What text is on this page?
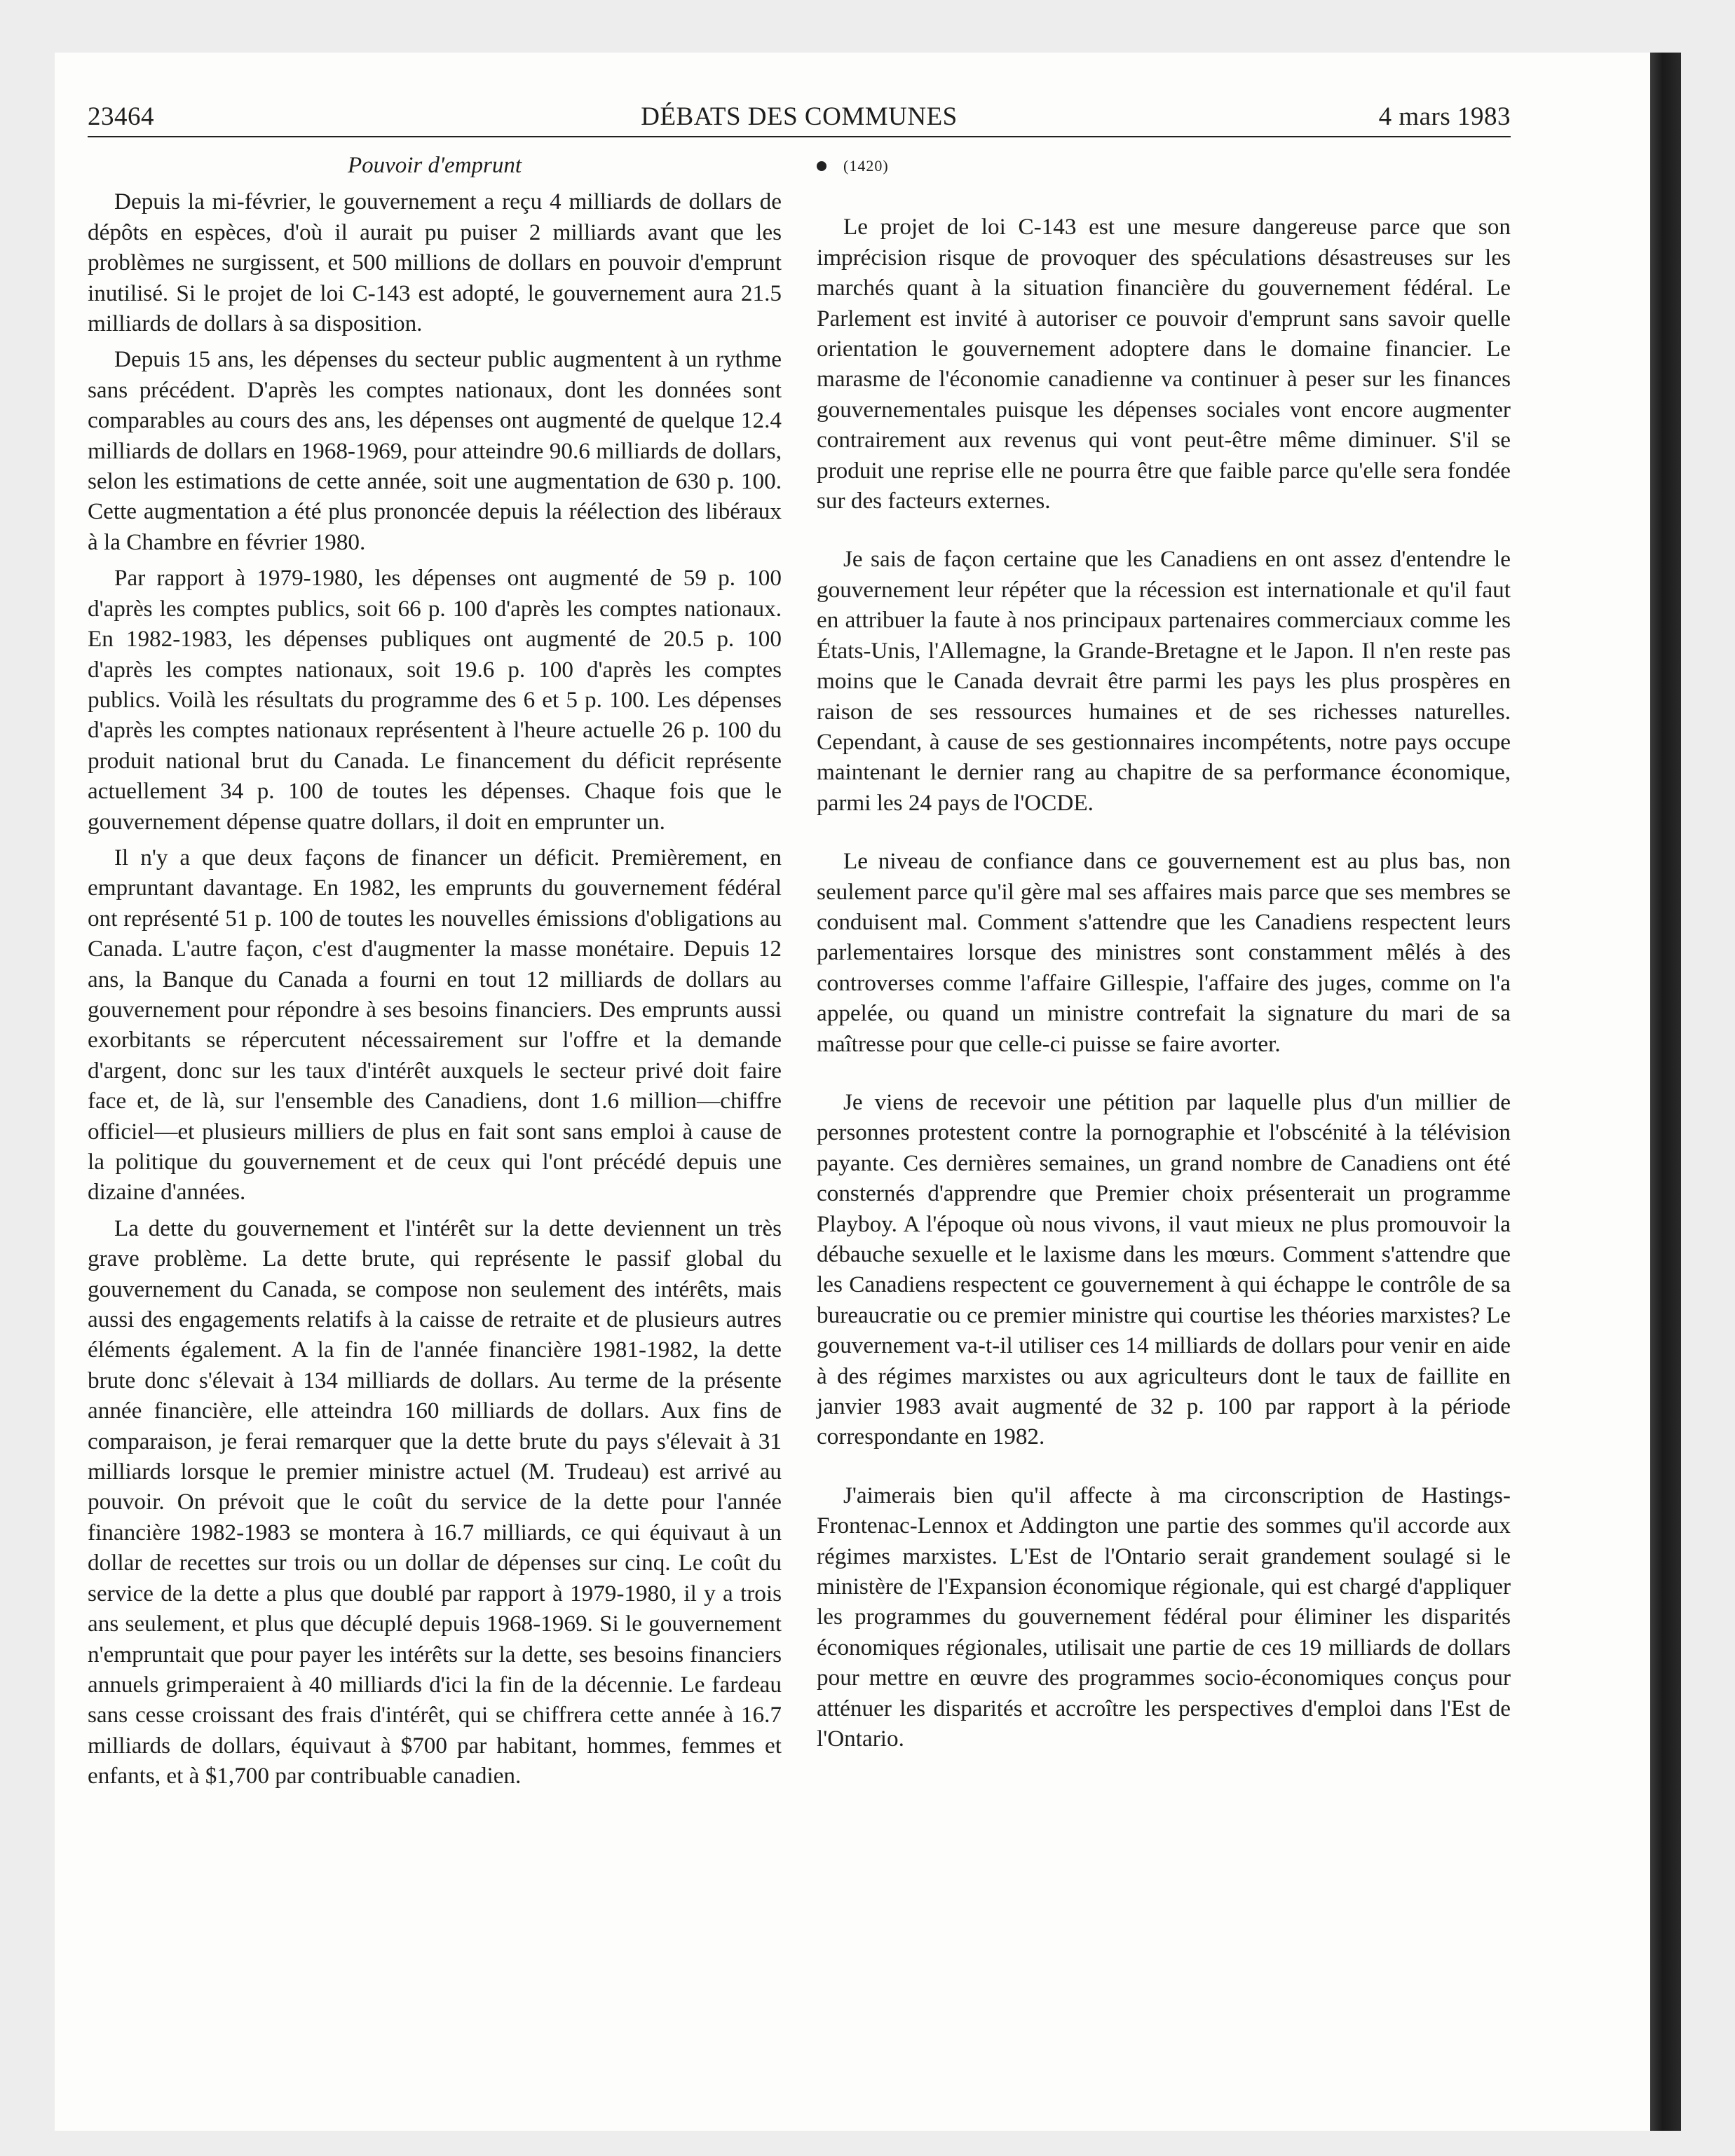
23464	DÉBATS DES COMMUNES	4 mars 1983
Pouvoir d'emprunt

Depuis la mi-février, le gouvernement a reçu 4 milliards de dollars de dépôts en espèces, d'où il aurait pu puiser 2 milliards avant que les problèmes ne surgissent, et 500 millions de dollars en pouvoir d'emprunt inutilisé. Si le projet de loi C-143 est adopté, le gouvernement aura 21.5 milliards de dollars à sa disposition.

Depuis 15 ans, les dépenses du secteur public augmentent à un rythme sans précédent. D'après les comptes nationaux, dont les données sont comparables au cours des ans, les dépenses ont augmenté de quelque 12.4 milliards de dollars en 1968-1969, pour atteindre 90.6 milliards de dollars, selon les estimations de cette année, soit une augmentation de 630 p. 100. Cette augmentation a été plus prononcée depuis la réélection des libéraux à la Chambre en février 1980.

Par rapport à 1979-1980, les dépenses ont augmenté de 59 p. 100 d'après les comptes publics, soit 66 p. 100 d'après les comptes nationaux. En 1982-1983, les dépenses publiques ont augmenté de 20.5 p. 100 d'après les comptes nationaux, soit 19.6 p. 100 d'après les comptes publics. Voilà les résultats du programme des 6 et 5 p. 100. Les dépenses d'après les comptes nationaux représentent à l'heure actuelle 26 p. 100 du produit national brut du Canada. Le financement du déficit représente actuellement 34 p. 100 de toutes les dépenses. Chaque fois que le gouvernement dépense quatre dollars, il doit en emprunter un.

Il n'y a que deux façons de financer un déficit. Premièrement, en empruntant davantage. En 1982, les emprunts du gouvernement fédéral ont représenté 51 p. 100 de toutes les nouvelles émissions d'obligations au Canada. L'autre façon, c'est d'augmenter la masse monétaire. Depuis 12 ans, la Banque du Canada a fourni en tout 12 milliards de dollars au gouvernement pour répondre à ses besoins financiers. Des emprunts aussi exorbitants se répercutent nécessairement sur l'offre et la demande d'argent, donc sur les taux d'intérêt auxquels le secteur privé doit faire face et, de là, sur l'ensemble des Canadiens, dont 1.6 million—chiffre officiel—et plusieurs milliers de plus en fait sont sans emploi à cause de la politique du gouvernement et de ceux qui l'ont précédé depuis une dizaine d'années.

La dette du gouvernement et l'intérêt sur la dette deviennent un très grave problème. La dette brute, qui représente le passif global du gouvernement du Canada, se compose non seulement des intérêts, mais aussi des engagements relatifs à la caisse de retraite et de plusieurs autres éléments également. A la fin de l'année financière 1981-1982, la dette brute donc s'élevait à 134 milliards de dollars. Au terme de la présente année financière, elle atteindra 160 milliards de dollars. Aux fins de comparaison, je ferai remarquer que la dette brute du pays s'élevait à 31 milliards lorsque le premier ministre actuel (M. Trudeau) est arrivé au pouvoir. On prévoit que le coût du service de la dette pour l'année financière 1982-1983 se montera à 16.7 milliards, ce qui équivaut à un dollar de recettes sur trois ou un dollar de dépenses sur cinq. Le coût du service de la dette a plus que doublé par rapport à 1979-1980, il y a trois ans seulement, et plus que décuplé depuis 1968-1969. Si le gouvernement n'empruntait que pour payer les intérêts sur la dette, ses besoins financiers annuels grimperaient à 40 milliards d'ici la fin de la décennie. Le fardeau sans cesse croissant des frais d'intérêt, qui se chiffrera cette année à 16.7 milliards de dollars, équivaut à $700 par habitant, hommes, femmes et enfants, et à $1,700 par contribuable canadien.

(1420)

Le projet de loi C-143 est une mesure dangereuse parce que son imprécision risque de provoquer des spéculations désastreuses sur les marchés quant à la situation financière du gouvernement fédéral. Le Parlement est invité à autoriser ce pouvoir d'emprunt sans savoir quelle orientation le gouvernement adoptere dans le domaine financier. Le marasme de l'économie canadienne va continuer à peser sur les finances gouvernementales puisque les dépenses sociales vont encore augmenter contrairement aux revenus qui vont peut-être même diminuer. S'il se produit une reprise elle ne pourra être que faible parce qu'elle sera fondée sur des facteurs externes.

Je sais de façon certaine que les Canadiens en ont assez d'entendre le gouvernement leur répéter que la récession est internationale et qu'il faut en attribuer la faute à nos principaux partenaires commerciaux comme les États-Unis, l'Allemagne, la Grande-Bretagne et le Japon. Il n'en reste pas moins que le Canada devrait être parmi les pays les plus prospères en raison de ses ressources humaines et de ses richesses naturelles. Cependant, à cause de ses gestionnaires incompétents, notre pays occupe maintenant le dernier rang au chapitre de sa performance économique, parmi les 24 pays de l'OCDE.

Le niveau de confiance dans ce gouvernement est au plus bas, non seulement parce qu'il gère mal ses affaires mais parce que ses membres se conduisent mal. Comment s'attendre que les Canadiens respectent leurs parlementaires lorsque des ministres sont constamment mêlés à des controverses comme l'affaire Gillespie, l'affaire des juges, comme on l'a appelée, ou quand un ministre contrefait la signature du mari de sa maîtresse pour que celle-ci puisse se faire avorter.

Je viens de recevoir une pétition par laquelle plus d'un millier de personnes protestent contre la pornographie et l'obscénité à la télévision payante. Ces dernières semaines, un grand nombre de Canadiens ont été consternés d'apprendre que Premier choix présenterait un programme Playboy. A l'époque où nous vivons, il vaut mieux ne plus promouvoir la débauche sexuelle et le laxisme dans les mœurs. Comment s'attendre que les Canadiens respectent ce gouvernement à qui échappe le contrôle de sa bureaucratie ou ce premier ministre qui courtise les théories marxistes? Le gouvernement va-t-il utiliser ces 14 milliards de dollars pour venir en aide à des régimes marxistes ou aux agriculteurs dont le taux de faillite en janvier 1983 avait augmenté de 32 p. 100 par rapport à la période correspondante en 1982.

J'aimerais bien qu'il affecte à ma circonscription de Hastings-Frontenac-Lennox et Addington une partie des sommes qu'il accorde aux régimes marxistes. L'Est de l'Ontario serait grandement soulagé si le ministère de l'Expansion économique régionale, qui est chargé d'appliquer les programmes du gouvernement fédéral pour éliminer les disparités économiques régionales, utilisait une partie de ces 19 milliards de dollars pour mettre en œuvre des programmes socio-économiques conçus pour atténuer les disparités et accroître les perspectives d'emploi dans l'Est de l'Ontario.
